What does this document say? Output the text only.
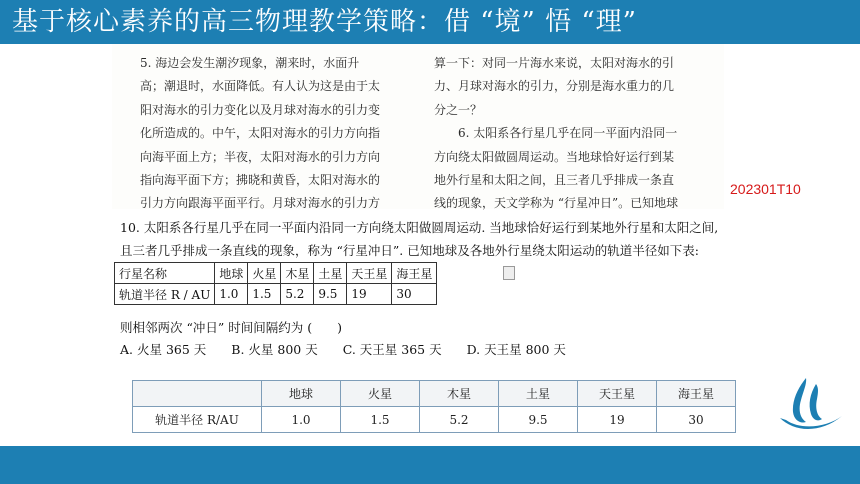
基于核心素养的高三物理教学策略：借 “境” 悟 “理”
5. 海边会发生潮汐现象，潮来时，水面升
高；潮退时，水面降低。有人认为这是由于太
阳对海水的引力变化以及月球对海水的引力变
化所造成的。中午，太阳对海水的引力方向指
向海平面上方；半夜，太阳对海水的引力方向
指向海平面下方；拂晓和黄昏，太阳对海水的
引力方向跟海平面平行。月球对海水的引力方
算一下：对同一片海水来说，太阳对海水的引
力、月球对海水的引力，分别是海水重力的几
分之一？
　　6. 太阳系各行星几乎在同一平面内沿同一
方向绕太阳做圆周运动。当地球恰好运行到某
地外行星和太阳之间，且三者几乎排成一条直
线的现象，天文学称为 “行星冲日”。已知地球
202301T10
10. 太阳系各行星几乎在同一平面内沿同一方向绕太阳做圆周运动. 当地球恰好运行到某地外行星和太阳之间,
且三者几乎排成一条直线的现象，称为 “行星冲日”. 已知地球及各地外行星绕太阳运动的轨道半径如下表:
行星名称	地球	火星	木星	土星	天王星	海王星
轨道半径 R / AU	1.0	1.5	5.2	9.5	19	30
则相邻两次 “冲日” 时间间隔约为 (　　)
A. 火星 365 天　　B. 火星 800 天　　C. 天王星 365 天　　D. 天王星 800 天
	地球	火星	木星	土星	天王星	海王星
轨道半径 R/AU	1.0	1.5	5.2	9.5	19	30
